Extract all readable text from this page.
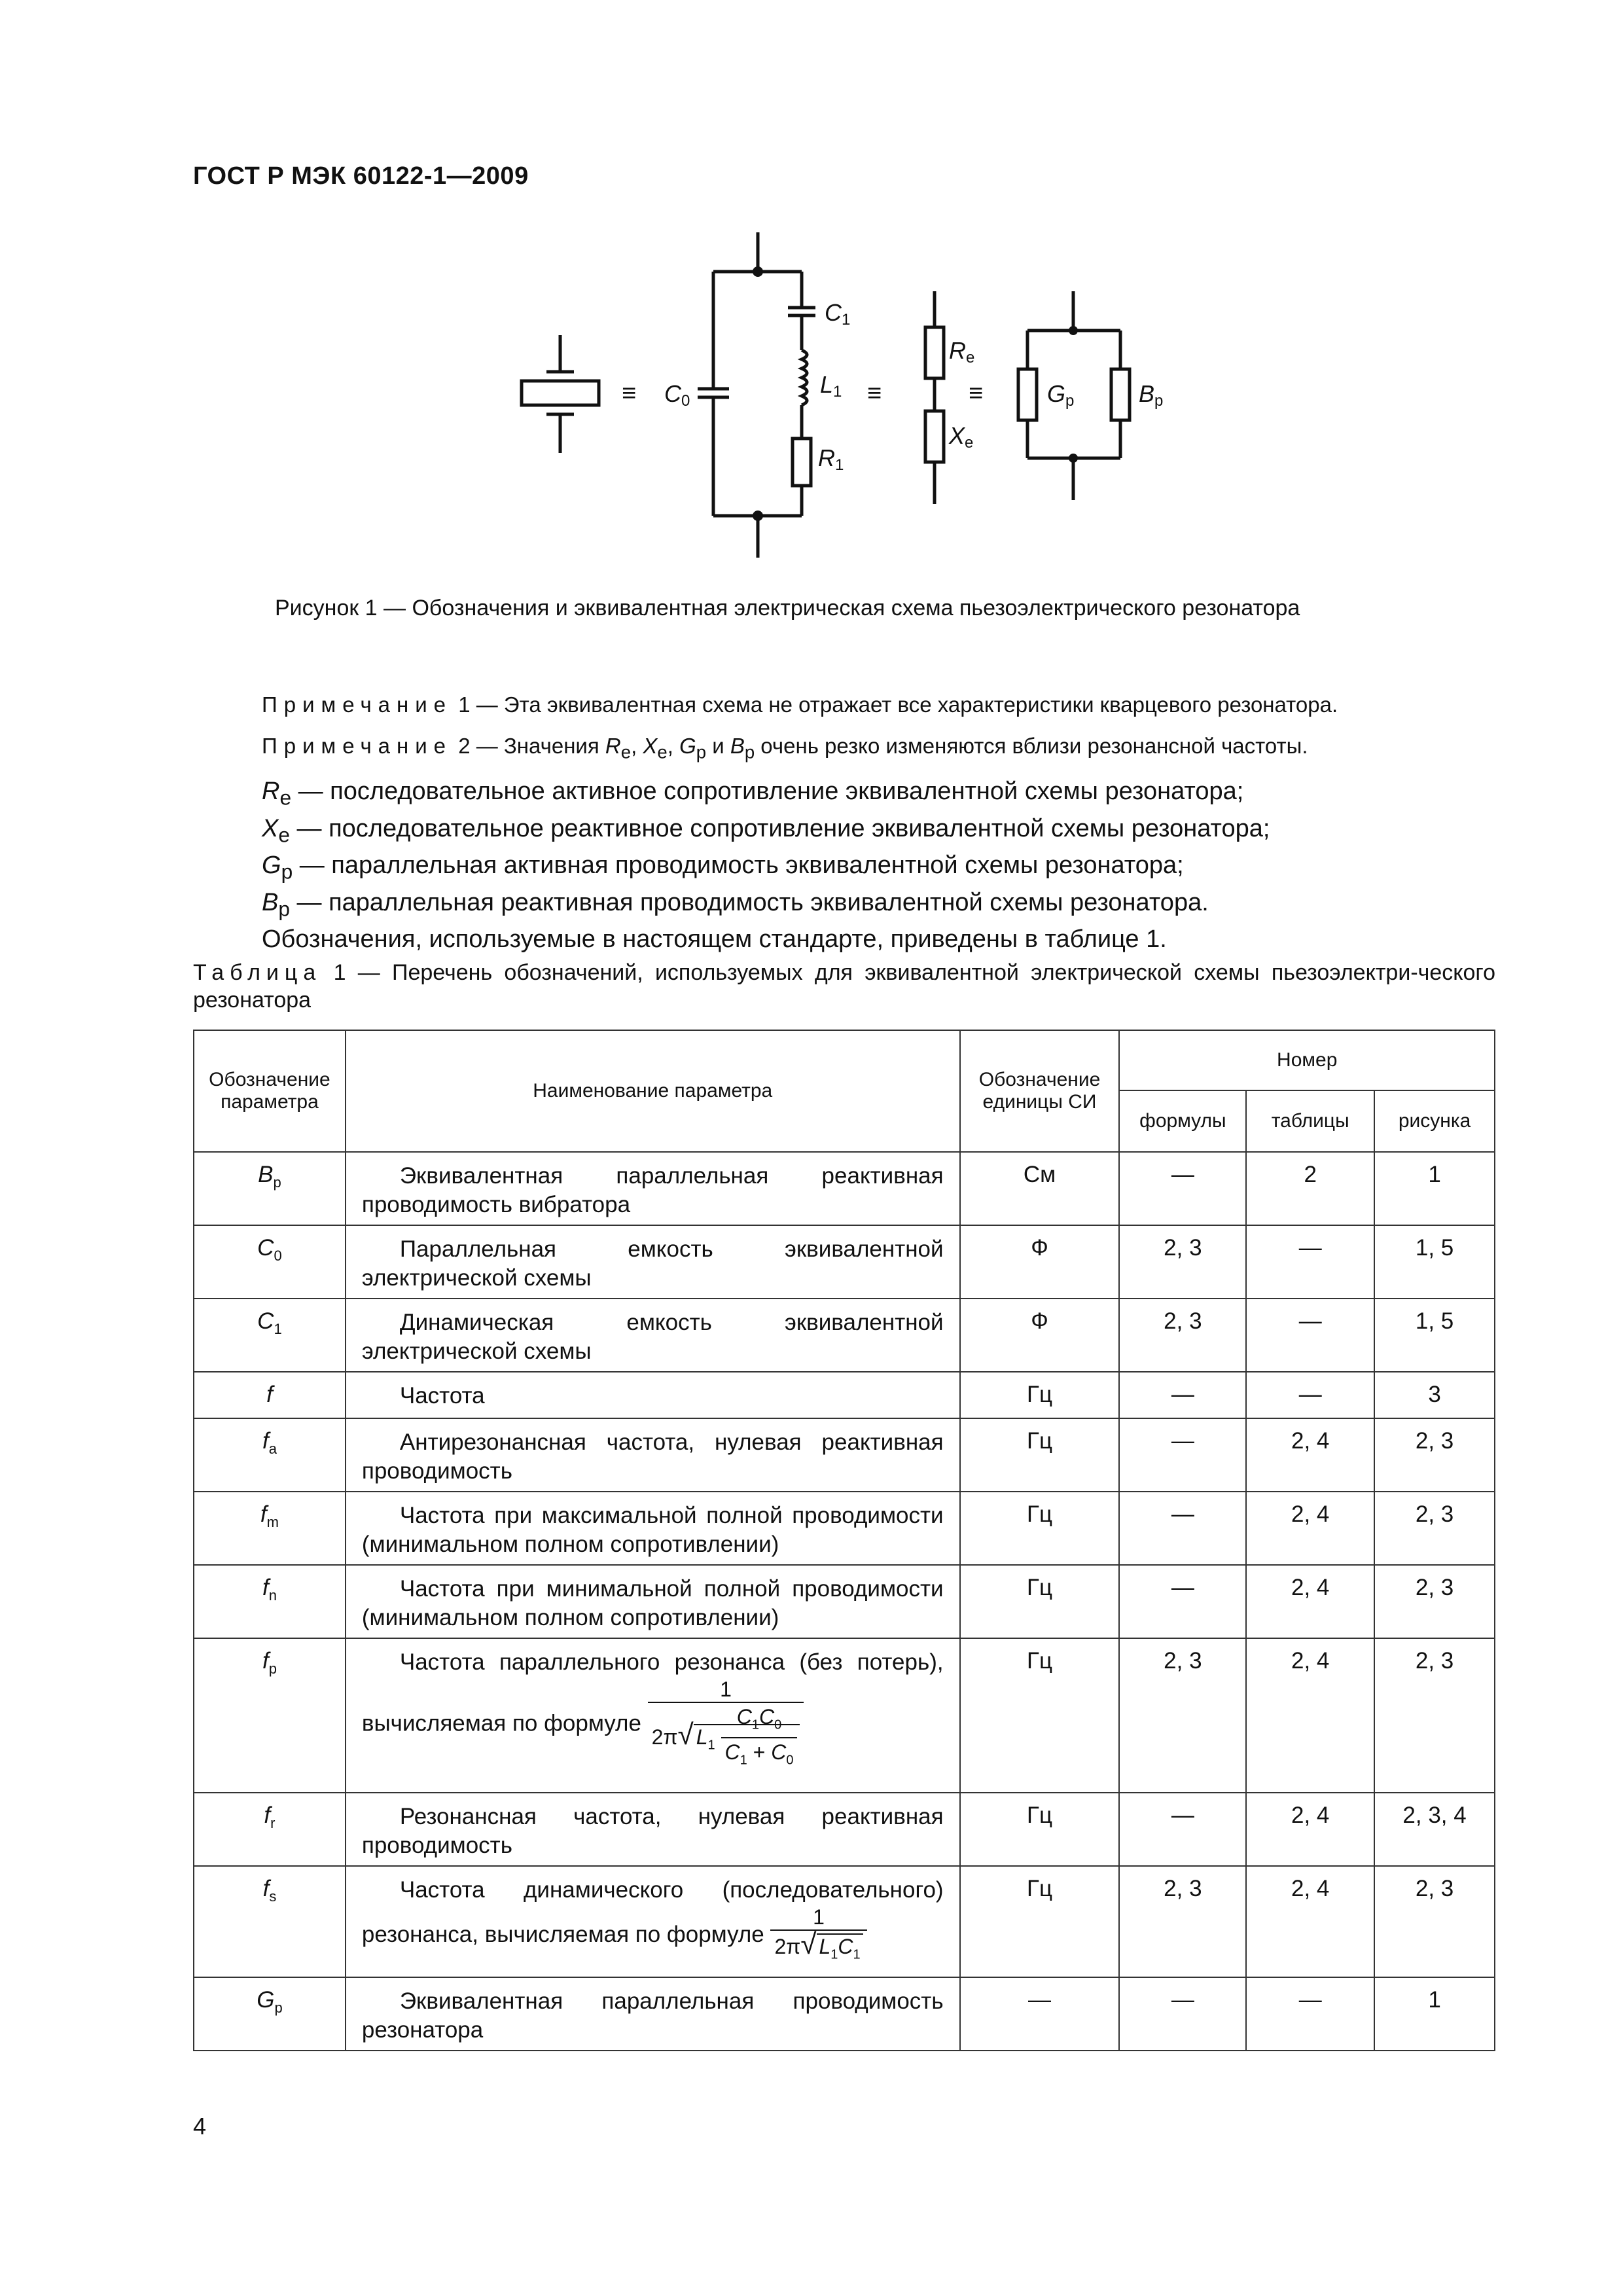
ГОСТ Р МЭК 60122-1—2009
≡	≡	≡
C0
C1
L1
R1
Re
Xe
Gp	Bp
Рисунок 1 — Обозначения и эквивалентная электрическая схема пьезоэлектрического резонатора
Примечание 1 — Эта эквивалентная схема не отражает все характеристики кварцевого резонатора.
Примечание 2 — Значения $R_e$, $X_e$, $G_p$ и $B_p$ очень резко изменяются вблизи резонансной частоты.
$R_e$ — последовательное активное сопротивление эквивалентной схемы резонатора;
$X_e$ — последовательное реактивное сопротивление эквивалентной схемы резонатора;
$G_p$ — параллельная активная проводимость эквивалентной схемы резонатора;
$B_p$ — параллельная реактивная проводимость эквивалентной схемы резонатора.
Обозначения, используемые в настоящем стандарте, приведены в таблице 1.
Таблица 1 — Перечень обозначений, используемых для эквивалентной электрической схемы пьезоэлектри-ческого резонатора
Обозначение параметра	Наименование параметра	Обозначение единицы СИ	Номер		
			формулы	таблицы	рисунка
$B_p$	Эквивалентная параллельная реактивная проводимость вибратора	См	—	2	1
$C_0$	Параллельная емкость эквивалентной электрической схемы	Ф	2, 3	—	1, 5
$C_1$	Динамическая емкость эквивалентной электрической схемы	Ф	2, 3	—	1, 5
f	Частота	Гц	—	—	3
$f_a$	Антирезонансная частота, нулевая реактивная проводимость	Гц	—	2, 4	2, 3
$f_m$	Частота при максимальной полной проводимости (минимальном полном сопротивлении)	Гц	—	2, 4	2, 3
$f_n$	Частота при минимальной полной проводимости (минимальном полном сопротивлении)	Гц	—	2, 4	2, 3
$f_p$	Частота параллельного резонанса (без потерь), вычисляемая по формуле $\frac{1}{2\pi√ L_1 \frac{C_1C_0}{C_1 + C_0}}$	Гц	2, 3	2, 4	2, 3
$f_r$	Резонансная частота, нулевая реактивная проводимость	Гц	—	2, 4	2, 3, 4
$f_s$	Частота динамического (последовательного) резонанса, вычисляемая по формуле $\frac{1}{2\pi√ L_1C_1}$	Гц	2, 3	2, 4	2, 3
$G_p$	Эквивалентная параллельная проводимость резонатора	—	—	—	1
4
